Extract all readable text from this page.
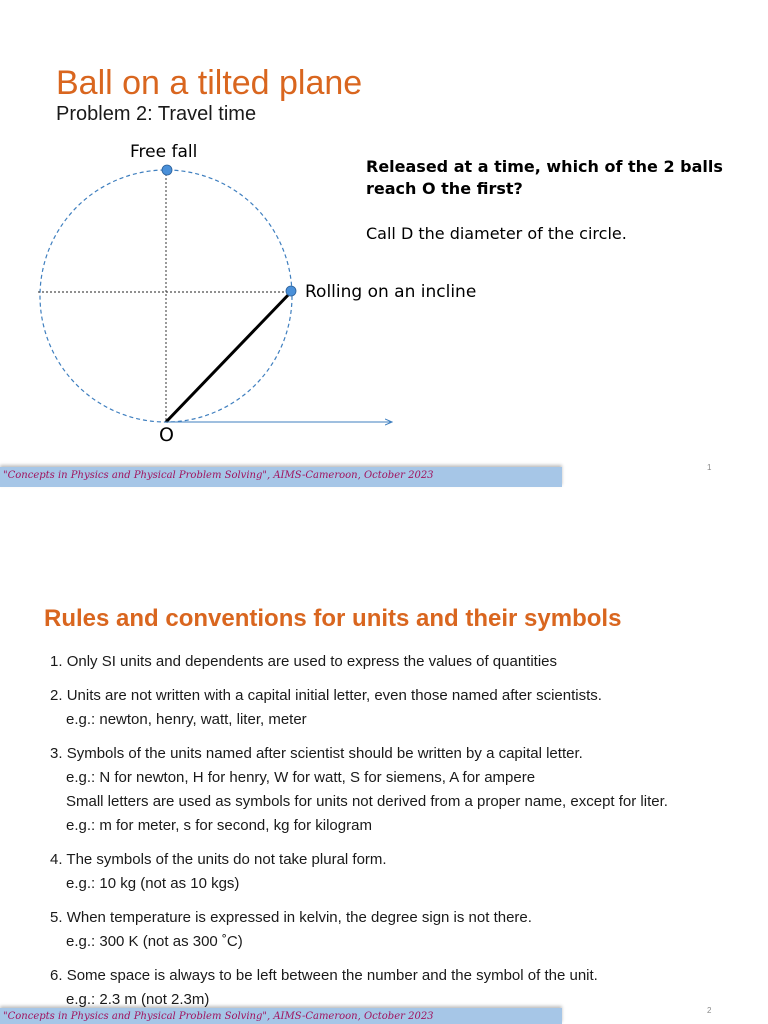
Ball on a tilted plane
Problem 2: Travel time
Free fall
Rolling on an incline
O
Released at a time, which of the 2 balls
reach O the first?
Call D the diameter of the circle.
"Concepts in Physics and Physical Problem Solving", AIMS-Cameroon, October 2023
1
Rules and conventions for units and their symbols
1. Only SI units and dependents are used to express the values of quantities
2. Units are not written with a capital initial letter, even those named after scientists.
e.g.: newton, henry, watt, liter, meter
3. Symbols of the units named after scientist should be written by a capital letter.
e.g.: N for newton, H for henry, W for watt, S for siemens, A for ampere
Small letters are used as symbols for units not derived from a proper name, except for liter.
e.g.: m for meter, s for second, kg for kilogram
4. The symbols of the units do not take plural form.
e.g.: 10 kg (not as 10 kgs)
5. When temperature is expressed in kelvin, the degree sign is not there.
e.g.: 300 K (not as 300 ˚C)
6. Some space is always to be left between the number and the symbol of the unit.
e.g.: 2.3 m (not 2.3m)
"Concepts in Physics and Physical Problem Solving", AIMS-Cameroon, October 2023
2
